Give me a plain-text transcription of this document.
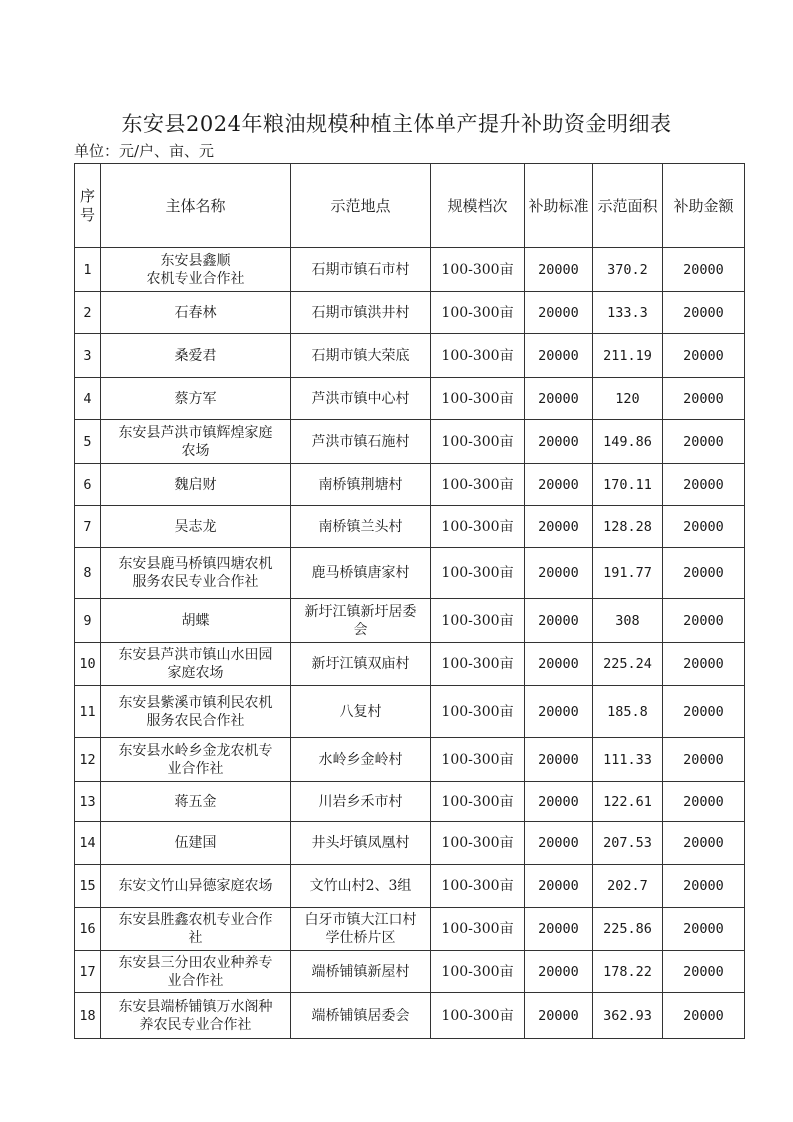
东安县2024年粮油规模种植主体单产提升补助资金明细表
单位：元/户、亩、元
序
号	主体名称	示范地点	规模档次	补助标准	示范面积	补助金额
1	东安县鑫顺
农机专业合作社	石期市镇石市村	100-300亩	20000	370.2	20000
2	石春林	石期市镇洪井村	100-300亩	20000	133.3	20000
3	桑爱君	石期市镇大荣底	100-300亩	20000	211.19	20000
4	蔡方军	芦洪市镇中心村	100-300亩	20000	120	20000
5	东安县芦洪市镇辉煌家庭
农场	芦洪市镇石施村	100-300亩	20000	149.86	20000
6	魏启财	南桥镇荆塘村	100-300亩	20000	170.11	20000
7	吴志龙	南桥镇兰头村	100-300亩	20000	128.28	20000
8	东安县鹿马桥镇四塘农机
服务农民专业合作社	鹿马桥镇唐家村	100-300亩	20000	191.77	20000
9	胡蝶	新圩江镇新圩居委
会	100-300亩	20000	308	20000
10	东安县芦洪市镇山水田园
家庭农场	新圩江镇双庙村	100-300亩	20000	225.24	20000
11	东安县紫溪市镇利民农机
服务农民合作社	八复村	100-300亩	20000	185.8	20000
12	东安县水岭乡金龙农机专
业合作社	水岭乡金岭村	100-300亩	20000	111.33	20000
13	蒋五金	川岩乡禾市村	100-300亩	20000	122.61	20000
14	伍建国	井头圩镇凤凰村	100-300亩	20000	207.53	20000
15	东安文竹山异德家庭农场	文竹山村2、3组	100-300亩	20000	202.7	20000
16	东安县胜鑫农机专业合作
社	白牙市镇大江口村
学仕桥片区	100-300亩	20000	225.86	20000
17	东安县三分田农业种养专
业合作社	端桥铺镇新屋村	100-300亩	20000	178.22	20000
18	东安县端桥铺镇万水阁种
养农民专业合作社	端桥铺镇居委会	100-300亩	20000	362.93	20000
